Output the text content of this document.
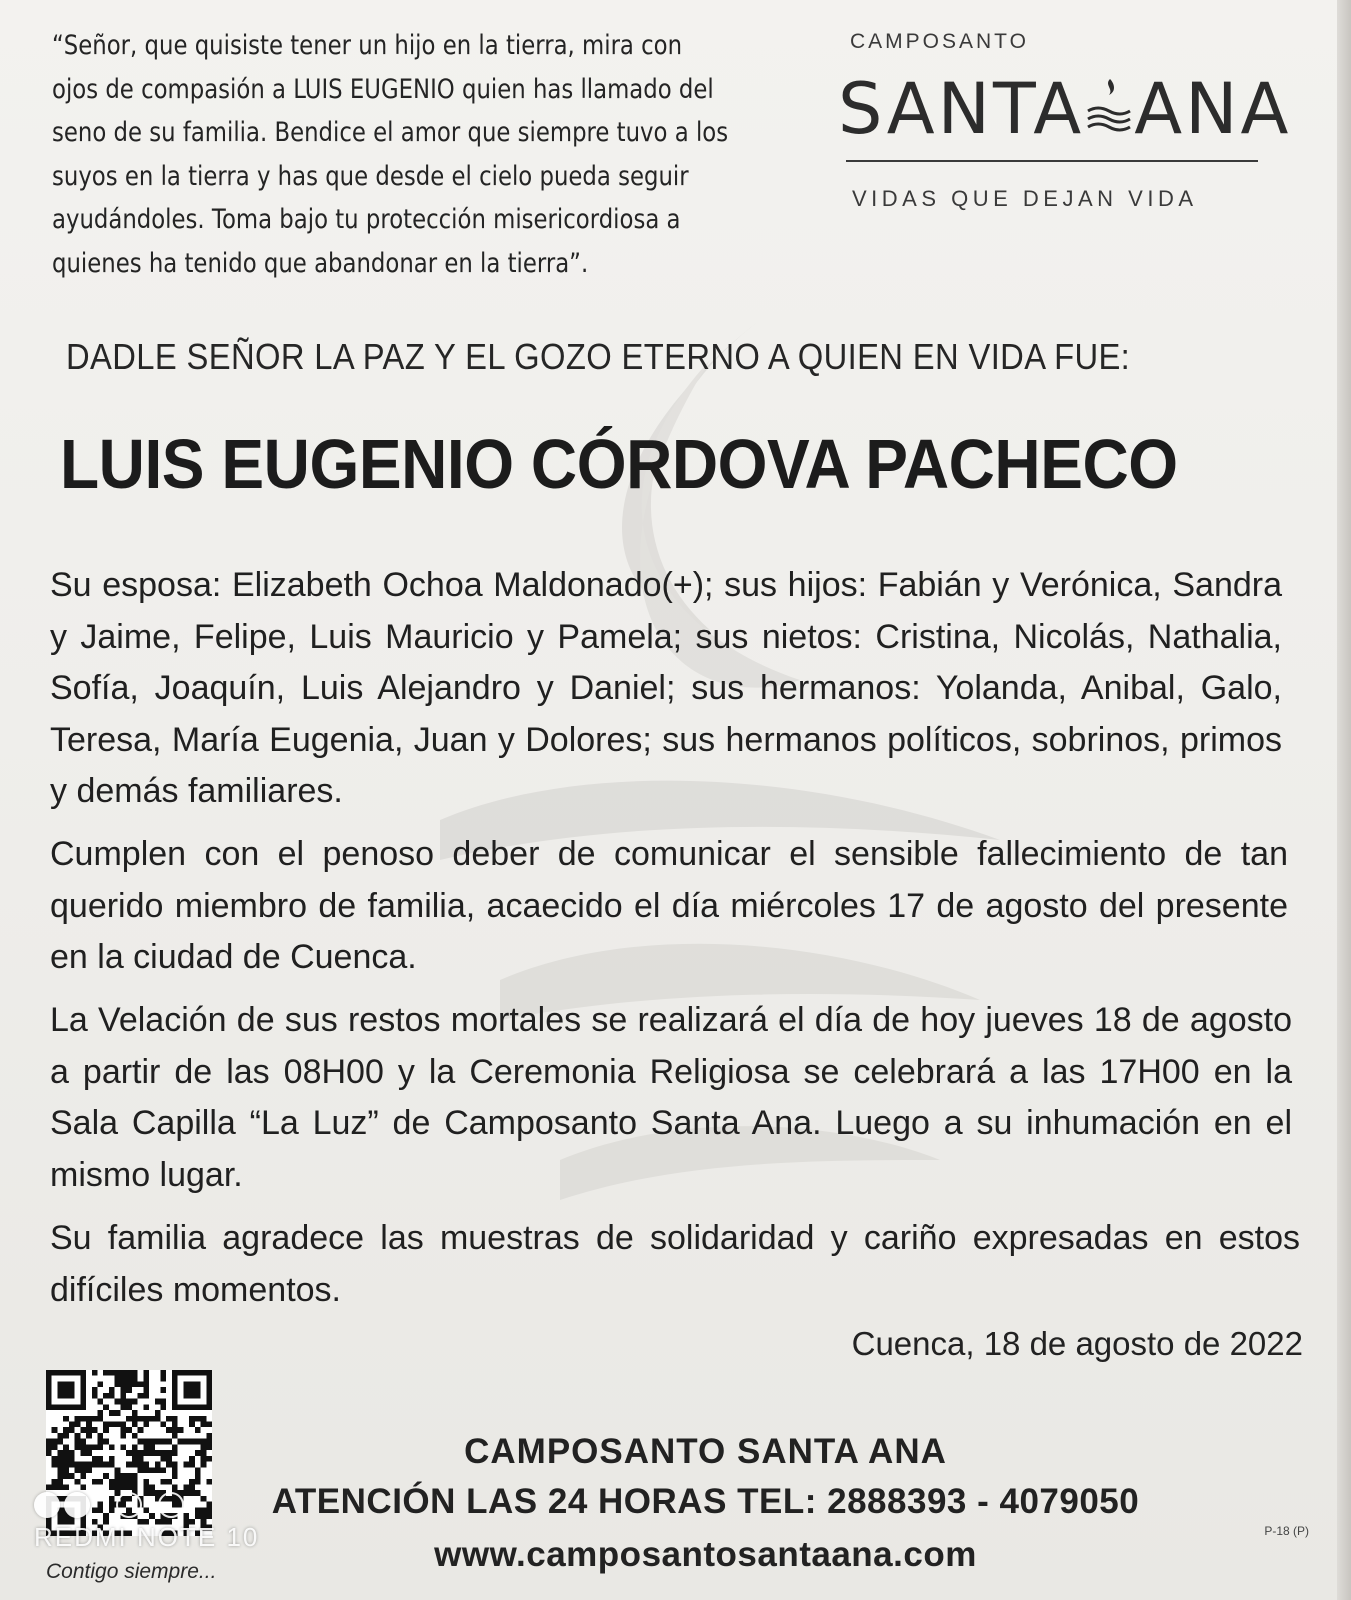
“Señor, que quisiste tener un hijo en la tierra, mira con
ojos de compasión a LUIS EUGENIO quien has llamado del
seno de su familia. Bendice el amor que siempre tuvo a los
suyos en la tierra y has que desde el cielo pueda seguir
ayudándoles. Toma bajo tu protección misericordiosa a
quienes ha tenido que abandonar en la tierra”.
CAMPOSANTO
SANTA ANA
VIDAS QUE DEJAN VIDA
DADLE SEÑOR LA PAZ Y EL GOZO ETERNO A QUIEN EN VIDA FUE:
LUIS EUGENIO CÓRDOVA PACHECO
Su esposa: Elizabeth Ochoa Maldonado(+); sus hijos: Fabián y Verónica, Sandra y Jaime, Felipe, Luis Mauricio y Pamela; sus nietos: Cristina, Nicolás, Nathalia, Sofía, Joaquín, Luis Alejandro y Daniel; sus hermanos: Yolanda, Anibal, Galo, Teresa, María Eugenia, Juan y Dolores; sus hermanos políticos, sobrinos, primos y demás familiares.
Cumplen con el penoso deber de comunicar el sensible fallecimiento de tan querido miembro de familia, acaecido el día miércoles 17 de agosto del presente en la ciudad de Cuenca.
La Velación de sus restos mortales se realizará el día de hoy jueves 18 de agosto a partir de las 08H00 y la Ceremonia Religiosa se celebrará a las 17H00 en la Sala Capilla “La Luz” de Camposanto Santa Ana. Luego a su inhumación en el mismo lugar.
Su familia agradece las muestras de solidaridad y cariño expresadas en estos difíciles momentos.
Cuenca, 18 de agosto de 2022
Contigo siempre...
CAMPOSANTO SANTA ANA
ATENCIÓN LAS 24 HORAS TEL: 2888393 - 4079050
www.camposantosantaana.com
P-18 (P)
REDMI NOTE 10
